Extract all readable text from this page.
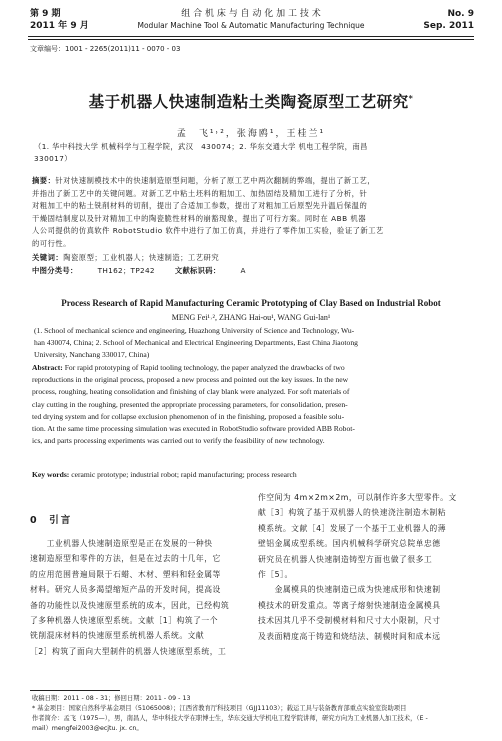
第 9 期
2011 年 9 月
组 合 机 床 与 自 动 化 加 工 技 术
Modular Machine Tool & Automatic Manufacturing Technique
No. 9
Sep. 2011
文章编号：1001 - 2265(2011)11 - 0070 - 03
基于机器人快速制造粘土类陶瓷原型工艺研究*
孟　飞¹˒²，张海鸥¹，王桂兰¹
（1. 华中科技大学 机械科学与工程学院，武汉　430074；2. 华东交通大学 机电工程学院，南昌
330017）
摘要：针对快速制模技术中的快速制造原型问题，分析了原工艺中两次翻制的弊端，提出了新工艺，
并指出了新工艺中的关键问题。对新工艺中粘土坯料的粗加工、加热固结及精加工进行了分析，针
对粗加工中的粘土铣削材料的切削，提出了合适加工参数，提出了对粗加工后原型先升温后保温的
干燥固结制度以及针对精加工中的陶瓷脆性材料的崩豁现象，提出了可行方案。同时在 ABB 机器
人公司提供的仿真软件 RobotStudio 软件中进行了加工仿真，并进行了零件加工实验，验证了新工艺
的可行性。
关键词：陶瓷原型；工业机器人；快速制造；工艺研究
中图分类号：	TH162；TP242	文献标识码：	A
Process Research of Rapid Manufacturing Ceramic Prototyping of Clay Based on Industrial Robot
MENG Fei¹˒², ZHANG Hai-ou¹, WANG Gui-lan¹
(1. School of mechanical science and engineering, Huazhong University of Science and Technology, Wu-
han 430074, China; 2. School of Mechanical and Electrical Engineering Departments, East China Jiaotong
University, Nanchang 330017, China)
Abstract: For rapid prototyping of Rapid tooling technology, the paper analyzed the drawbacks of two
reproductions in the original process, proposed a new process and pointed out the key issues. In the new
process, roughing, heating consolidation and finishing of clay blank were analyzed. For soft materials of
clay cutting in the roughing, presented the appropriate processing parameters, for consolidation, presen-
ted drying system and for collapse exclusion phenomenon of in the finishing, proposed a feasible solu-
tion. At the same time processing simulation was executed in RobotStudio software provided ABB Robot-
ics, and parts processing experiments was carried out to verify the feasibility of new technology.
Key words: ceramic prototype; industrial robot; rapid manufacturing; process research
0 引言
　　工业机器人快速制造原型是正在发展的一种快
速制造原型和零件的方法，但是在过去的十几年，它
的应用范围普遍局限于石蜡、木材、塑料和轻金属等
材料。研究人员多渴望缩短产品的开发时间，提高设
备的功能性以及快速原型系统的成本，因此，已经构筑
了多种机器人快速原型系统。文献［1］构筑了一个
铣削混床材料的快速原型系统机器人系统。文献
［2］构筑了面向大型制件的机器人快速原型系统，工
作空间为 4m×2m×2m，可以制作许多大型零件。文
献［3］构筑了基于双机器人的快速浇注制造木制粘
模系统。文献［4］发展了一个基于工业机器人的薄
壁铝金属成型系统。国内机械科学研究总院单忠德
研究员在机器人快速制造铸型方面也做了很多工
作［5］。
　　金属模具的快速制造已成为快速成形和快速制
模技术的研发重点。等离子熔射快速制造金属模具
技术因其几乎不受制模材料和尺寸大小限制，尺寸
及表面精度高于铸造和烧结法、制模时间和成本远
收稿日期：2011 - 08 - 31；修回日期：2011 - 09 - 13
* 基金项目：国家自然科学基金项目（51065008）；江西省教育厅科技项目（GJJ11103）；载运工具与装备教育部重点实验室资助项目
作者简介：孟飞（1975—），男，南昌人，华中科技大学在职博士生，华东交通大学机电工程学院讲师，研究方向为工业机器人加工技术，（E -
mail）mengfei2003@ecjtu. jx. cn。
